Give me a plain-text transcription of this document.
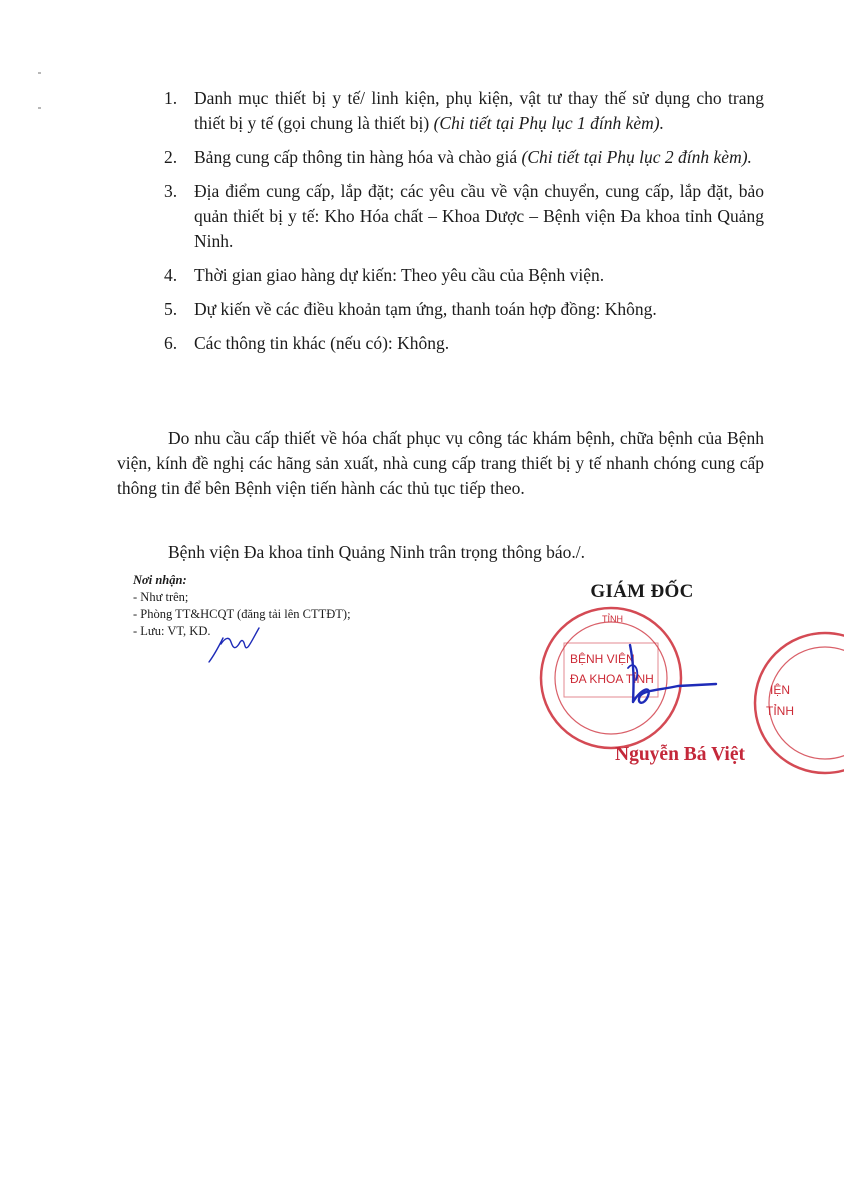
1. Danh mục thiết bị y tế/ linh kiện, phụ kiện, vật tư thay thế sử dụng cho trang thiết bị y tế (gọi chung là thiết bị) (Chi tiết tại Phụ lục 1 đính kèm).
2. Bảng cung cấp thông tin hàng hóa và chào giá (Chi tiết tại Phụ lục 2 đính kèm).
3. Địa điểm cung cấp, lắp đặt; các yêu cầu về vận chuyển, cung cấp, lắp đặt, bảo quản thiết bị y tế: Kho Hóa chất – Khoa Dược – Bệnh viện Đa khoa tỉnh Quảng Ninh.
4. Thời gian giao hàng dự kiến: Theo yêu cầu của Bệnh viện.
5. Dự kiến về các điều khoản tạm ứng, thanh toán hợp đồng: Không.
6. Các thông tin khác (nếu có): Không.

Do nhu cầu cấp thiết về hóa chất phục vụ công tác khám bệnh, chữa bệnh của Bệnh viện, kính đề nghị các hãng sản xuất, nhà cung cấp trang thiết bị y tế nhanh chóng cung cấp thông tin để bên Bệnh viện tiến hành các thủ tục tiếp theo.

Bệnh viện Đa khoa tỉnh Quảng Ninh trân trọng thông báo./.

Nơi nhận:
- Như trên;
- Phòng TT&HCQT (đăng tải lên CTTĐT);
- Lưu: VT, KD.
GIÁM ĐỐC
TỈNH
BỆNH VIỆN
ĐA KHOA TỈNH
IỆN
TỈNH
Nguyễn Bá Việt
